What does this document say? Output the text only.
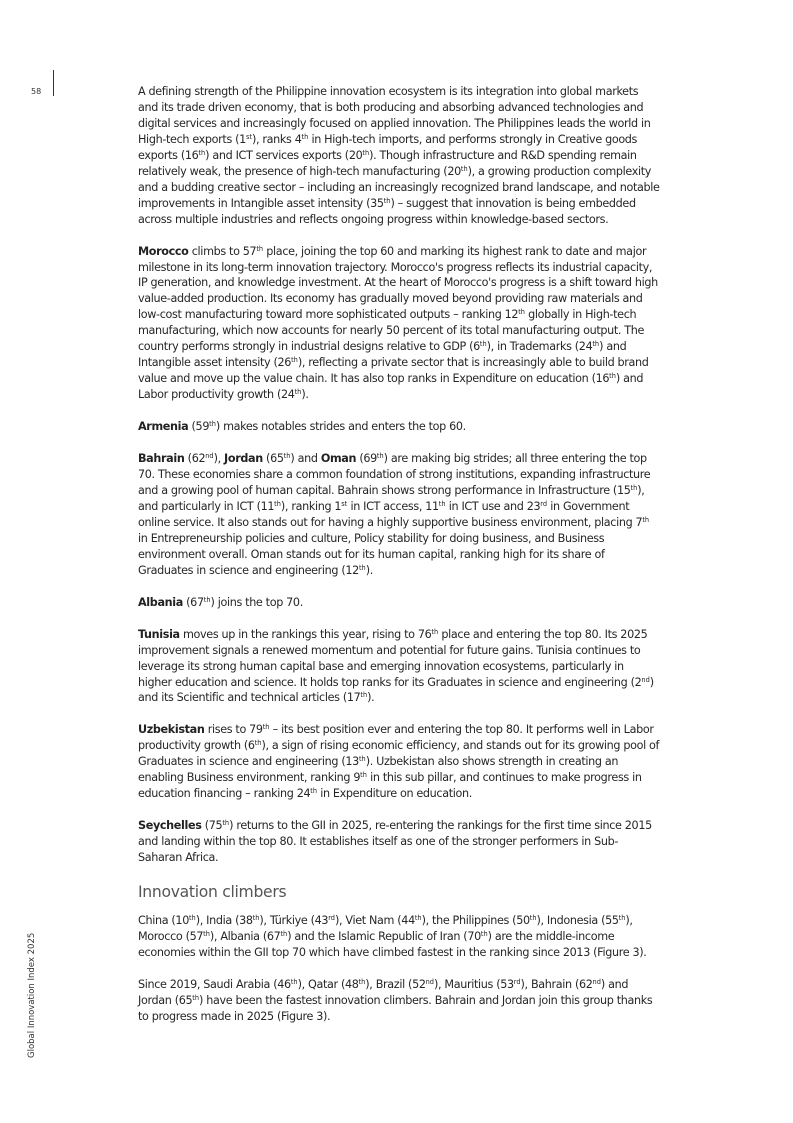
58
Global Innovation Index 2025

A defining strength of the Philippine innovation ecosystem is its integration into global markets and its trade driven economy, that is both producing and absorbing advanced technologies and digital services and increasingly focused on applied innovation. The Philippines leads the world in High-tech exports (1st), ranks 4th in High-tech imports, and performs strongly in Creative goods exports (16th) and ICT services exports (20th). Though infrastructure and R&D spending remain relatively weak, the presence of high-tech manufacturing (20th), a growing production complexity and a budding creative sector – including an increasingly recognized brand landscape, and notable improvements in Intangible asset intensity (35th) – suggest that innovation is being embedded across multiple industries and reflects ongoing progress within knowledge-based sectors.

Morocco climbs to 57th place, joining the top 60 and marking its highest rank to date and major milestone in its long-term innovation trajectory. Morocco's progress reflects its industrial capacity, IP generation, and knowledge investment. At the heart of Morocco's progress is a shift toward high value-added production. Its economy has gradually moved beyond providing raw materials and low-cost manufacturing toward more sophisticated outputs – ranking 12th globally in High-tech manufacturing, which now accounts for nearly 50 percent of its total manufacturing output. The country performs strongly in industrial designs relative to GDP (6th), in Trademarks (24th) and Intangible asset intensity (26th), reflecting a private sector that is increasingly able to build brand value and move up the value chain. It has also top ranks in Expenditure on education (16th) and Labor productivity growth (24th).

Armenia (59th) makes notables strides and enters the top 60.

Bahrain (62nd), Jordan (65th) and Oman (69th) are making big strides; all three entering the top 70. These economies share a common foundation of strong institutions, expanding infrastructure and a growing pool of human capital. Bahrain shows strong performance in Infrastructure (15th), and particularly in ICT (11th), ranking 1st in ICT access, 11th in ICT use and 23rd in Government online service. It also stands out for having a highly supportive business environment, placing 7th in Entrepreneurship policies and culture, Policy stability for doing business, and Business environment overall. Oman stands out for its human capital, ranking high for its share of Graduates in science and engineering (12th).

Albania (67th) joins the top 70.

Tunisia moves up in the rankings this year, rising to 76th place and entering the top 80. Its 2025 improvement signals a renewed momentum and potential for future gains. Tunisia continues to leverage its strong human capital base and emerging innovation ecosystems, particularly in higher education and science. It holds top ranks for its Graduates in science and engineering (2nd) and its Scientific and technical articles (17th).

Uzbekistan rises to 79th – its best position ever and entering the top 80. It performs well in Labor productivity growth (6th), a sign of rising economic efficiency, and stands out for its growing pool of Graduates in science and engineering (13th). Uzbekistan also shows strength in creating an enabling Business environment, ranking 9th in this sub pillar, and continues to make progress in education financing – ranking 24th in Expenditure on education.

Seychelles (75th) returns to the GII in 2025, re-entering the rankings for the first time since 2015 and landing within the top 80. It establishes itself as one of the stronger performers in Sub-Saharan Africa.

Innovation climbers

China (10th), India (38th), Türkiye (43rd), Viet Nam (44th), the Philippines (50th), Indonesia (55th), Morocco (57th), Albania (67th) and the Islamic Republic of Iran (70th) are the middle-income economies within the GII top 70 which have climbed fastest in the ranking since 2013 (Figure 3).

Since 2019, Saudi Arabia (46th), Qatar (48th), Brazil (52nd), Mauritius (53rd), Bahrain (62nd) and Jordan (65th) have been the fastest innovation climbers. Bahrain and Jordan join this group thanks to progress made in 2025 (Figure 3).
